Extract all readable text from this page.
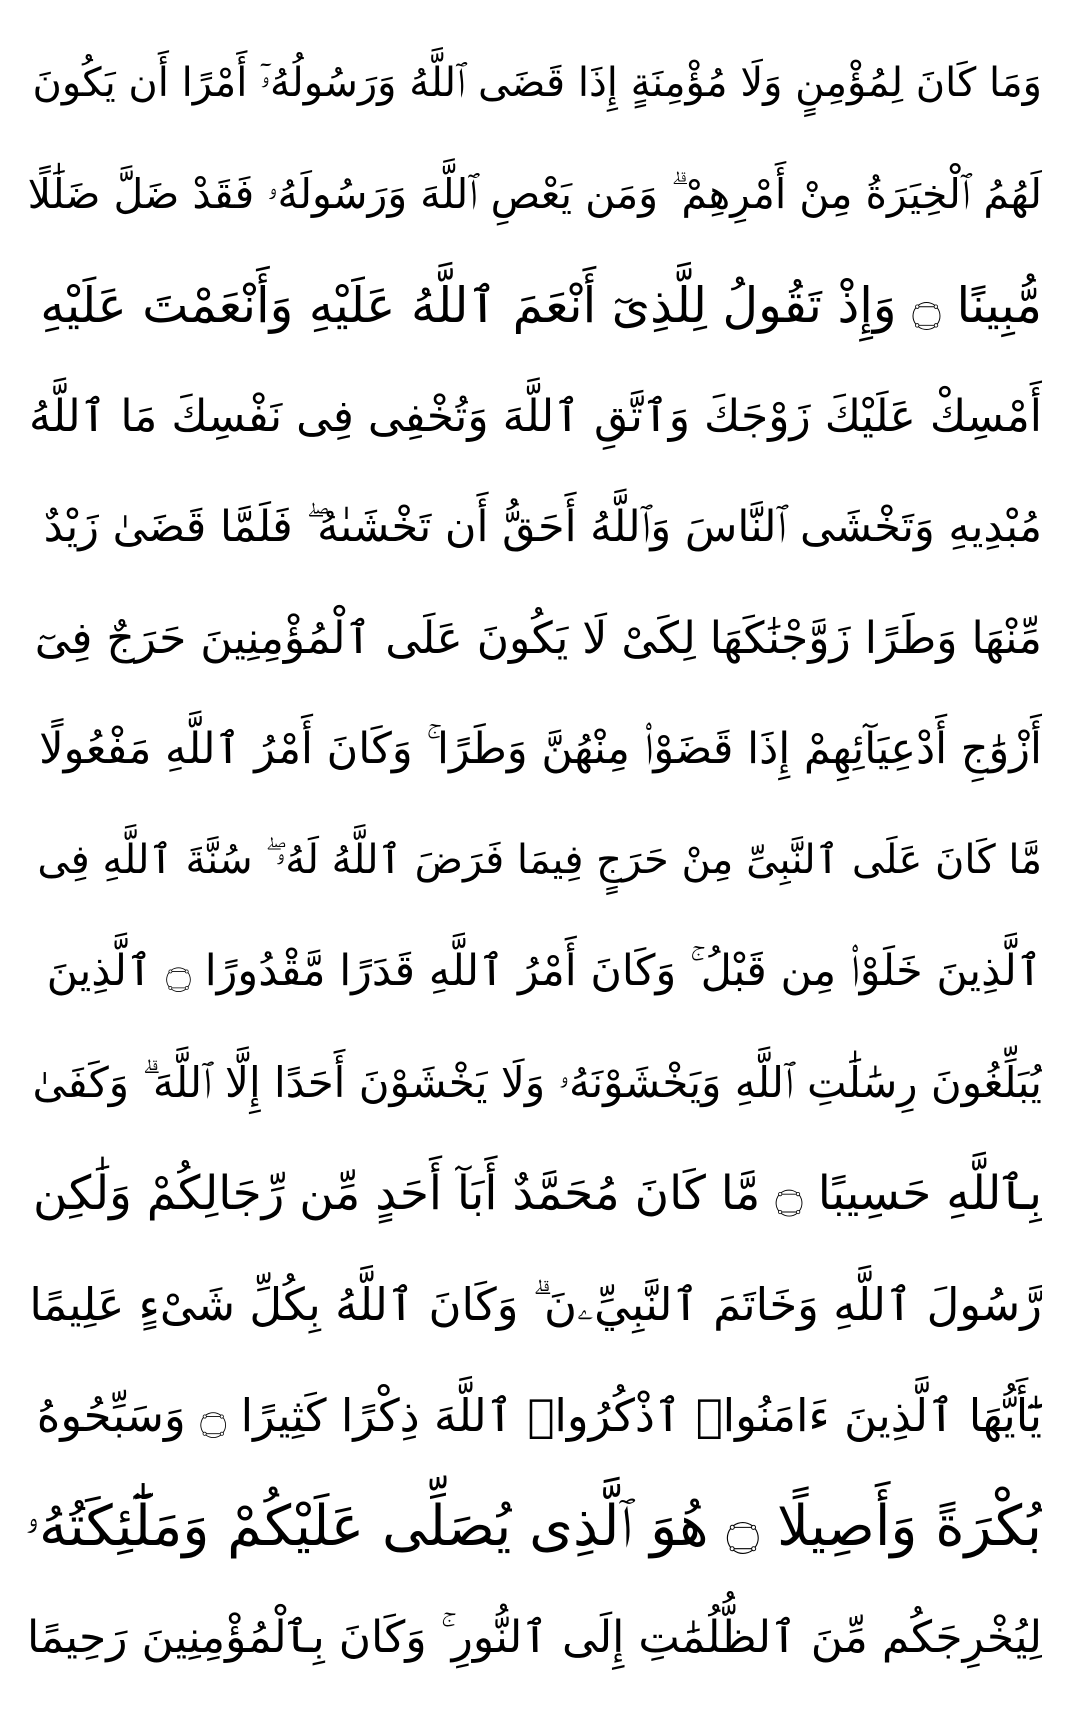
وَمَا كَانَ لِمُؤْمِنٍ وَلَا مُؤْمِنَةٍ إِذَا قَضَى ٱللَّهُ وَرَسُولُهُۥٓ أَمْرًا أَن يَكُونَ
لَهُمُ ٱلْخِيَرَةُ مِنْ أَمْرِهِمْ ۗ وَمَن يَعْصِ ٱللَّهَ وَرَسُولَهُۥ فَقَدْ ضَلَّ ضَلَٰلًا
مُّبِينًا ۝ وَإِذْ تَقُولُ لِلَّذِىٓ أَنْعَمَ ٱللَّهُ عَلَيْهِ وَأَنْعَمْتَ عَلَيْهِ
أَمْسِكْ عَلَيْكَ زَوْجَكَ وَٱتَّقِ ٱللَّهَ وَتُخْفِى فِى نَفْسِكَ مَا ٱللَّهُ
مُبْدِيهِ وَتَخْشَى ٱلنَّاسَ وَٱللَّهُ أَحَقُّ أَن تَخْشَىٰهُ ۖ فَلَمَّا قَضَىٰ زَيْدٌ
مِّنْهَا وَطَرًا زَوَّجْنَٰكَهَا لِكَىْ لَا يَكُونَ عَلَى ٱلْمُؤْمِنِينَ حَرَجٌ فِىٓ
أَزْوَٰجِ أَدْعِيَآئِهِمْ إِذَا قَضَوْا۟ مِنْهُنَّ وَطَرًا ۚ وَكَانَ أَمْرُ ٱللَّهِ مَفْعُولًا
مَّا كَانَ عَلَى ٱلنَّبِىِّ مِنْ حَرَجٍ فِيمَا فَرَضَ ٱللَّهُ لَهُۥ ۖ سُنَّةَ ٱللَّهِ فِى
ٱلَّذِينَ خَلَوْا۟ مِن قَبْلُ ۚ وَكَانَ أَمْرُ ٱللَّهِ قَدَرًا مَّقْدُورًا ۝ ٱلَّذِينَ
يُبَلِّغُونَ رِسَٰلَٰتِ ٱللَّهِ وَيَخْشَوْنَهُۥ وَلَا يَخْشَوْنَ أَحَدًا إِلَّا ٱللَّهَ ۗ وَكَفَىٰ
بِٱللَّهِ حَسِيبًا ۝ مَّا كَانَ مُحَمَّدٌ أَبَآ أَحَدٍ مِّن رِّجَالِكُمْ وَلَٰكِن
رَّسُولَ ٱللَّهِ وَخَاتَمَ ٱلنَّبِيِّۦنَ ۗ وَكَانَ ٱللَّهُ بِكُلِّ شَىْءٍ عَلِيمًا
يَٰٓأَيُّهَا ٱلَّذِينَ ءَامَنُوا۟ ٱذْكُرُوا۟ ٱللَّهَ ذِكْرًا كَثِيرًا ۝ وَسَبِّحُوهُ
بُكْرَةً وَأَصِيلًا ۝ هُوَ ٱلَّذِى يُصَلِّى عَلَيْكُمْ وَمَلَٰٓئِكَتُهُۥ
لِيُخْرِجَكُم مِّنَ ٱلظُّلُمَٰتِ إِلَى ٱلنُّورِ ۚ وَكَانَ بِٱلْمُؤْمِنِينَ رَحِيمًا
